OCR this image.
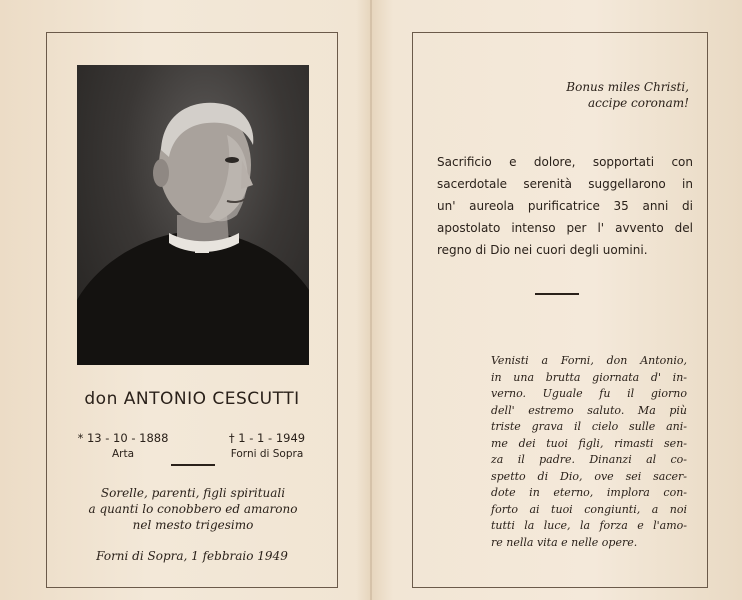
don ANTONIO CESCUTTI
* 13 - 10 - 1888
Arta
† 1 - 1 - 1949
Forni di Sopra
Sorelle, parenti, figli spirituali
a quanti lo conobbero ed amarono
nel mesto trigesimo
Forni di Sopra, 1 febbraio 1949
Bonus miles Christi,
accipe coronam!
Sacrificio e dolore, sopportati con
sacerdotale serenità suggellarono in
un' aureola purificatrice 35 anni di
apostolato intenso per l' avvento del
regno di Dio nei cuori degli uomini.
Venisti a Forni, don Antonio,
in una brutta giornata d' in-
verno. Uguale fu il giorno
dell' estremo saluto. Ma più
triste grava il cielo sulle ani-
me dei tuoi figli, rimasti sen-
za il padre. Dinanzi al co-
spetto di Dio, ove sei sacer-
dote in eterno, implora con-
forto ai tuoi congiunti, a noi
tutti la luce, la forza e l'amo-
re nella vita e nelle opere.
